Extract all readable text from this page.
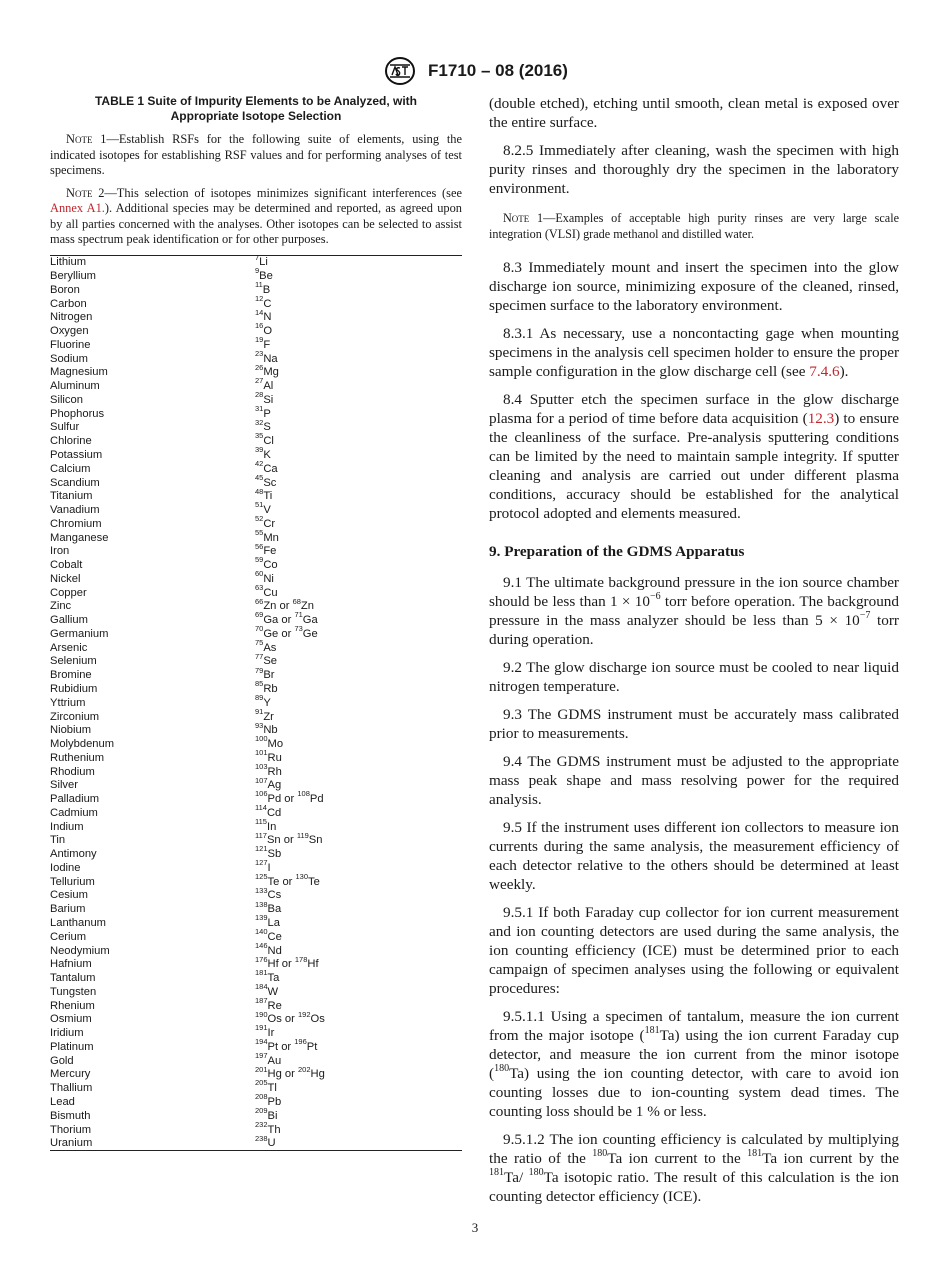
F1710 – 08 (2016)
TABLE 1 Suite of Impurity Elements to be Analyzed, with Appropriate Isotope Selection

Note 1—Establish RSFs for the following suite of elements, using the indicated isotopes for establishing RSF values and for performing analyses of test specimens.

Note 2—This selection of isotopes minimizes significant interferences (see Annex A1.). Additional species may be determined and reported, as agreed upon by all parties concerned with the analyses. Other isotopes can be selected to assist mass spectrum peak identification or for other purposes.

Lithium	$^7$Li
Beryllium	$^9$Be
Boron	$^{11}$B
Carbon	$^{12}$C
Nitrogen	$^{14}$N
Oxygen	$^{16}$O
Fluorine	$^{19}$F
Sodium	$^{23}$Na
Magnesium	$^{26}$Mg
Aluminum	$^{27}$Al
Silicon	$^{28}$Si
Phophorus	$^{31}$P
Sulfur	$^{32}$S
Chlorine	$^{35}$Cl
Potassium	$^{39}$K
Calcium	$^{42}$Ca
Scandium	$^{45}$Sc
Titanium	$^{48}$Ti
Vanadium	$^{51}$V
Chromium	$^{52}$Cr
Manganese	$^{55}$Mn
Iron	$^{56}$Fe
Cobalt	$^{59}$Co
Nickel	$^{60}$Ni
Copper	$^{63}$Cu
Zinc	$^{66}$Zn or $^{68}$Zn
Gallium	$^{69}$Ga or $^{71}$Ga
Germanium	$^{70}$Ge or $^{73}$Ge
Arsenic	$^{75}$As
Selenium	$^{77}$Se
Bromine	$^{79}$Br
Rubidium	$^{85}$Rb
Yttrium	$^{89}$Y
Zirconium	$^{91}$Zr
Niobium	$^{93}$Nb
Molybdenum	$^{100}$Mo
Ruthenium	$^{101}$Ru
Rhodium	$^{103}$Rh
Silver	$^{107}$Ag
Palladium	$^{106}$Pd or $^{108}$Pd
Cadmium	$^{114}$Cd
Indium	$^{115}$In
Tin	$^{117}$Sn or $^{119}$Sn
Antimony	$^{121}$Sb
Iodine	$^{127}$I
Tellurium	$^{125}$Te or $^{130}$Te
Cesium	$^{133}$Cs
Barium	$^{138}$Ba
Lanthanum	$^{139}$La
Cerium	$^{140}$Ce
Neodymium	$^{146}$Nd
Hafnium	$^{176}$Hf or $^{178}$Hf
Tantalum	$^{181}$Ta
Tungsten	$^{184}$W
Rhenium	$^{187}$Re
Osmium	$^{190}$Os or $^{192}$Os
Iridium	$^{191}$Ir
Platinum	$^{194}$Pt or $^{196}$Pt
Gold	$^{197}$Au
Mercury	$^{201}$Hg or $^{202}$Hg
Thallium	$^{205}$Tl
Lead	$^{208}$Pb
Bismuth	$^{209}$Bi
Thorium	$^{232}$Th
Uranium	$^{238}$U

(double etched), etching until smooth, clean metal is exposed over the entire surface.

8.2.5 Immediately after cleaning, wash the specimen with high purity rinses and thoroughly dry the specimen in the laboratory environment.

Note 1—Examples of acceptable high purity rinses are very large scale integration (VLSI) grade methanol and distilled water.

8.3 Immediately mount and insert the specimen into the glow discharge ion source, minimizing exposure of the cleaned, rinsed, specimen surface to the laboratory environment.

8.3.1 As necessary, use a noncontacting gage when mounting specimens in the analysis cell specimen holder to ensure the proper sample configuration in the glow discharge cell (see 7.4.6).

8.4 Sputter etch the specimen surface in the glow discharge plasma for a period of time before data acquisition (12.3) to ensure the cleanliness of the surface. Pre-analysis sputtering conditions can be limited by the need to maintain sample integrity. If sputter cleaning and analysis are carried out under different plasma conditions, accuracy should be established for the analytical protocol adopted and elements measured.

9. Preparation of the GDMS Apparatus

9.1 The ultimate background pressure in the ion source chamber should be less than $1 \times 10^{-6}$ torr before operation. The background pressure in the mass analyzer should be less than $5 \times 10^{-7}$ torr during operation.

9.2 The glow discharge ion source must be cooled to near liquid nitrogen temperature.

9.3 The GDMS instrument must be accurately mass calibrated prior to measurements.

9.4 The GDMS instrument must be adjusted to the appropriate mass peak shape and mass resolving power for the required analysis.

9.5 If the instrument uses different ion collectors to measure ion currents during the same analysis, the measurement efficiency of each detector relative to the others should be determined at least weekly.

9.5.1 If both Faraday cup collector for ion current measurement and ion counting detectors are used during the same analysis, the ion counting efficiency (ICE) must be determined prior to each campaign of specimen analyses using the following or equivalent procedures:

9.5.1.1 Using a specimen of tantalum, measure the ion current from the major isotope ($^{181}$Ta) using the ion current Faraday cup detector, and measure the ion current from the minor isotope ($^{180}$Ta) using the ion counting detector, with care to avoid ion counting losses due to ion-counting system dead times. The counting loss should be 1 % or less.

9.5.1.2 The ion counting efficiency is calculated by multiplying the ratio of the $^{180}$Ta ion current to the $^{181}$Ta ion current by the $^{181}$Ta/ $^{180}$Ta isotopic ratio. The result of this calculation is the ion counting detector efficiency (ICE).

3
